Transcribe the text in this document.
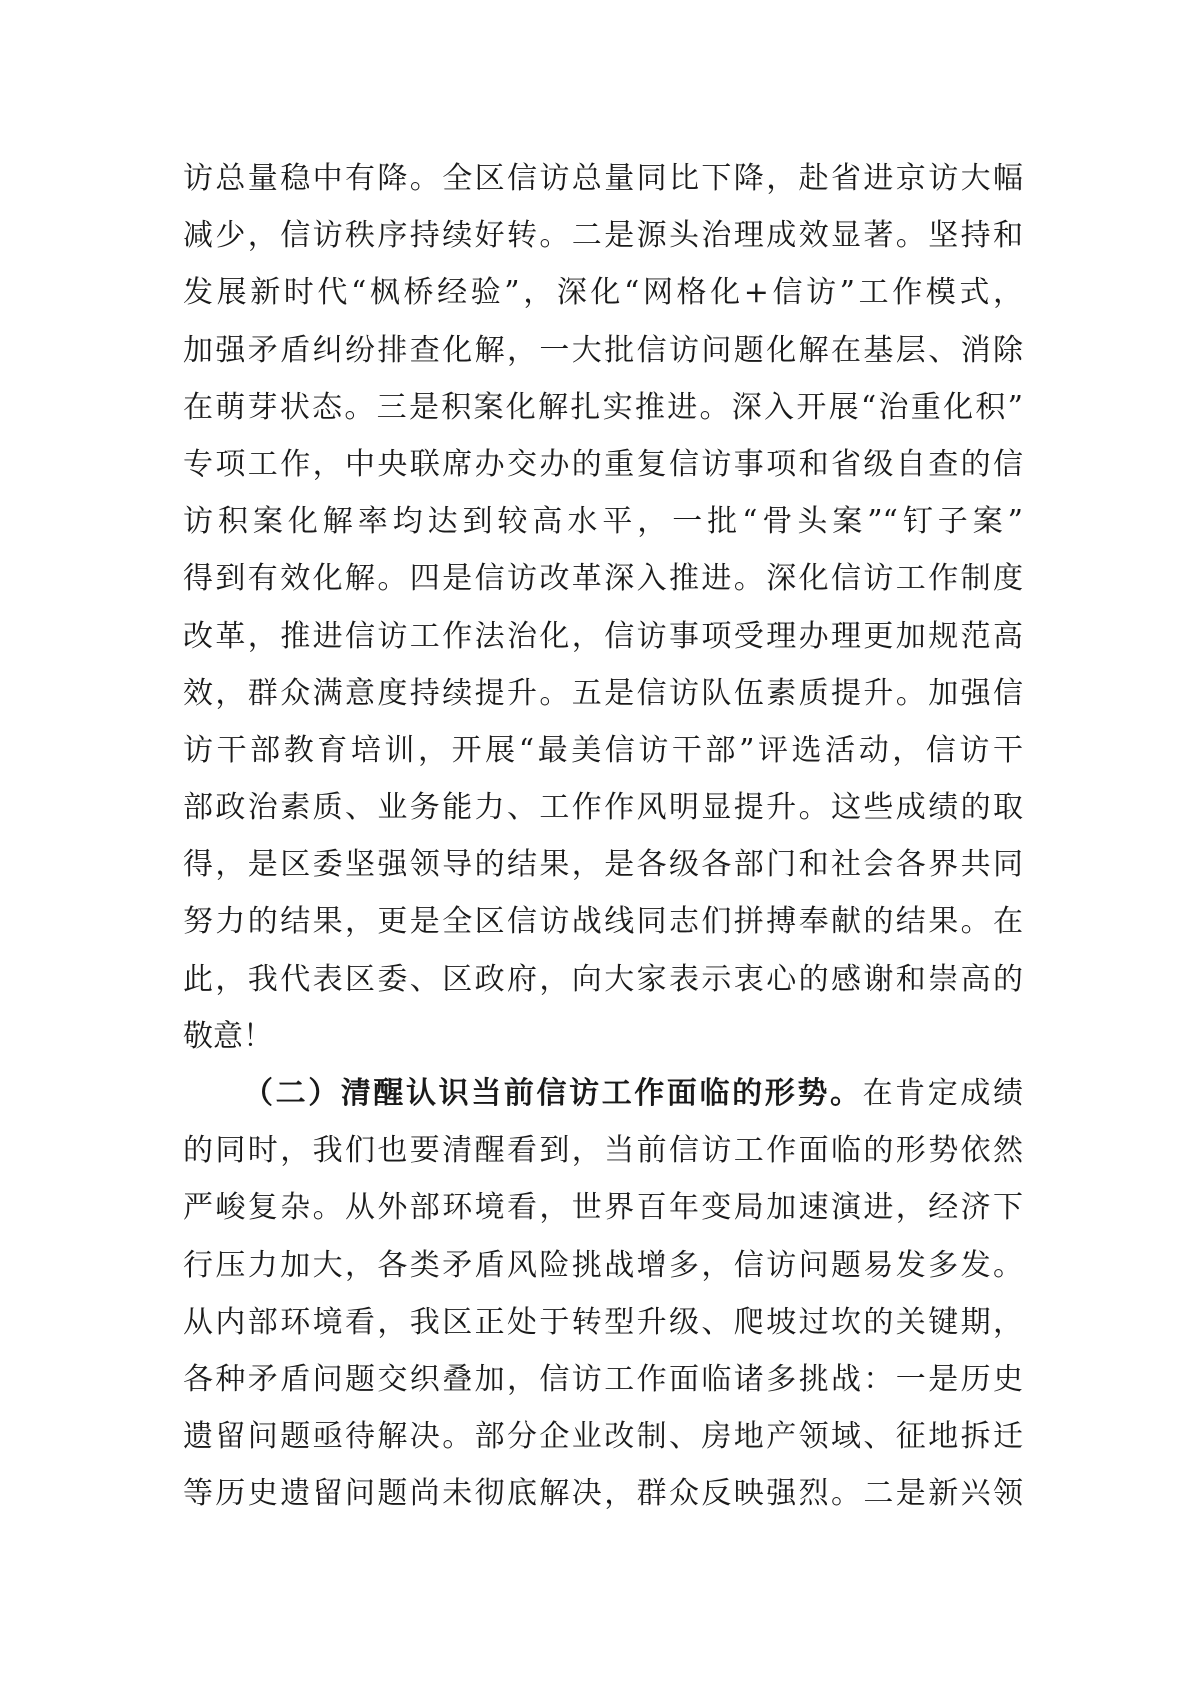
访总量稳中有降。全区信访总量同比下降，赴省进京访大幅
减少，信访秩序持续好转。二是源头治理成效显著。坚持和
发展新时代“枫桥经验”，深化“网格化+信访”工作模式，
加强矛盾纠纷排查化解，一大批信访问题化解在基层、消除
在萌芽状态。三是积案化解扎实推进。深入开展“治重化积”
专项工作，中央联席办交办的重复信访事项和省级自查的信
访积案化解率均达到较高水平，一批“骨头案”“钉子案”
得到有效化解。四是信访改革深入推进。深化信访工作制度
改革，推进信访工作法治化，信访事项受理办理更加规范高
效，群众满意度持续提升。五是信访队伍素质提升。加强信
访干部教育培训，开展“最美信访干部”评选活动，信访干
部政治素质、业务能力、工作作风明显提升。这些成绩的取
得，是区委坚强领导的结果，是各级各部门和社会各界共同
努力的结果，更是全区信访战线同志们拼搏奉献的结果。在
此，我代表区委、区政府，向大家表示衷心的感谢和崇高的
敬意！
（二）清醒认识当前信访工作面临的形势。在肯定成绩
的同时，我们也要清醒看到，当前信访工作面临的形势依然
严峻复杂。从外部环境看，世界百年变局加速演进，经济下
行压力加大，各类矛盾风险挑战增多，信访问题易发多发。
从内部环境看，我区正处于转型升级、爬坡过坎的关键期，
各种矛盾问题交织叠加，信访工作面临诸多挑战：一是历史
遗留问题亟待解决。部分企业改制、房地产领域、征地拆迁
等历史遗留问题尚未彻底解决，群众反映强烈。二是新兴领
